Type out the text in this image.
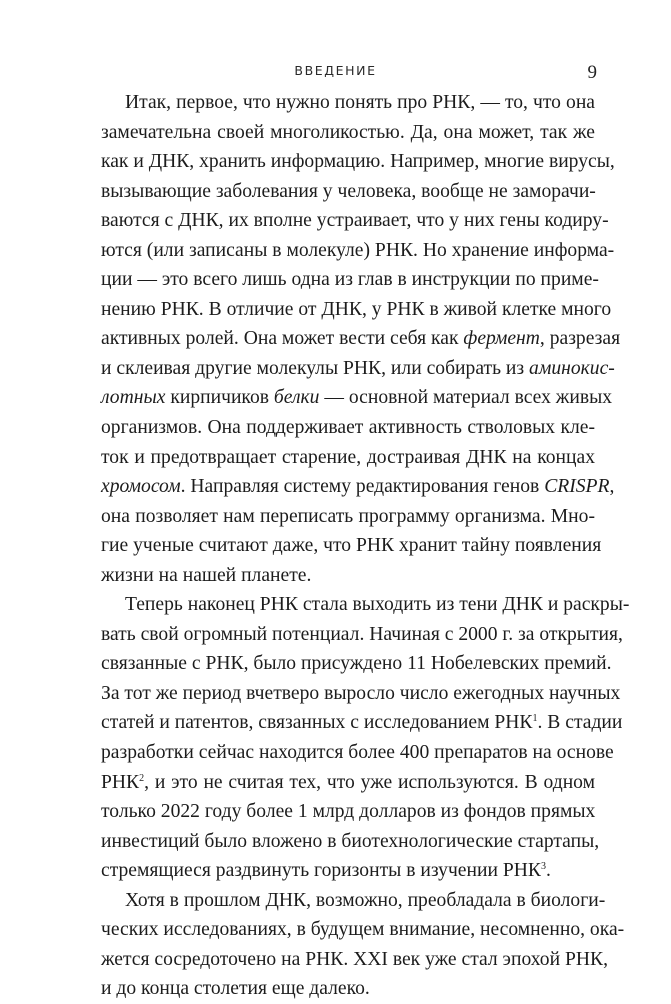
ВВЕДЕНИЕ	9
Итак, первое, что нужно понять про РНК, — то, что она
замечательна своей многоликостью. Да, она может, так же
как и ДНК, хранить информацию. Например, многие вирусы,
вызывающие заболевания у человека, вообще не заморачи-
ваются с ДНК, их вполне устраивает, что у них гены кодиру-
ются (или записаны в молекуле) РНК. Но хранение информа-
ции — это всего лишь одна из глав в инструкции по приме-
нению РНК. В отличие от ДНК, у РНК в живой клетке много
активных ролей. Она может вести себя как фермент, разрезая
и склеивая другие молекулы РНК, или собирать из аминокис-
лотных кирпичиков белки — основной материал всех живых
организмов. Она поддерживает активность стволовых кле-
ток и предотвращает старение, достраивая ДНК на концах
хромосом. Направляя систему редактирования генов CRISPR,
она позволяет нам переписать программу организма. Мно-
гие ученые считают даже, что РНК хранит тайну появления
жизни на нашей планете.
Теперь наконец РНК стала выходить из тени ДНК и раскры-
вать свой огромный потенциал. Начиная с 2000 г. за открытия,
связанные с РНК, было присуждено 11 Нобелевских премий.
За тот же период вчетверо выросло число ежегодных научных
статей и патентов, связанных с исследованием РНК$^1$. В стадии
разработки сейчас находится более 400 препаратов на основе
РНК$^2$, и это не считая тех, что уже используются. В одном
только 2022 году более 1 млрд долларов из фондов прямых
инвестиций было вложено в биотехнологические стартапы,
стремящиеся раздвинуть горизонты в изучении РНК$^3$.
Хотя в прошлом ДНК, возможно, преобладала в биологи-
ческих исследованиях, в будущем внимание, несомненно, ока-
жется сосредоточено на РНК. XXI век уже стал эпохой РНК,
и до конца столетия еще далеко.
